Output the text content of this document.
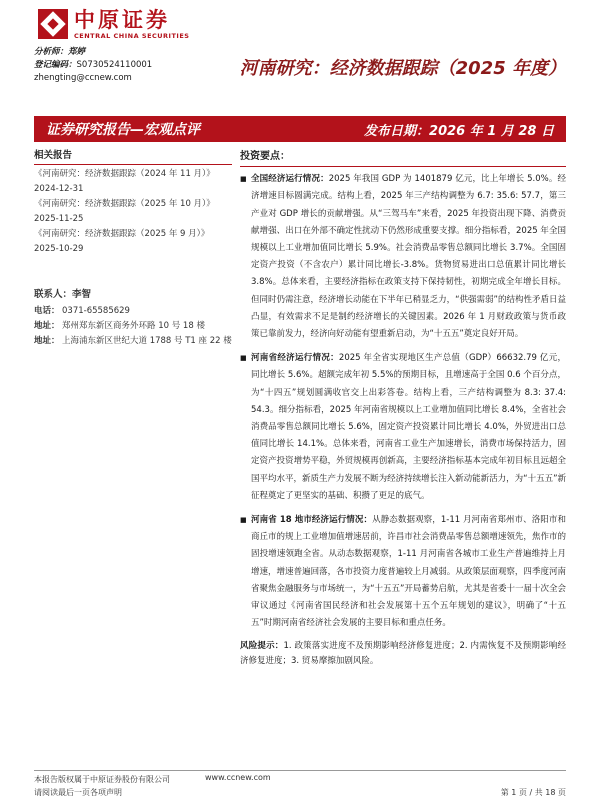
中原证券
CENTRAL CHINA SECURITIES
分析师：郑婷
登记编码：S0730524110001
zhengting@ccnew.com	河南研究：经济数据跟踪（2025 年度）
证券研究报告—宏观点评	发布日期：2026 年 1 月 28 日
相关报告
《河南研究：经济数据跟踪（2024 年 11 月）》2024-12-31
《河南研究：经济数据跟踪（2025 年 10 月）》2025-11-25
《河南研究：经济数据跟踪（2025 年 9 月）》2025-10-29
联系人：李智
电话： 0371-65585629
地址： 郑州郑东新区商务外环路 10 号 18 楼
地址： 上海浦东新区世纪大道 1788 号 T1 座 22 楼
投资要点：
■ 全国经济运行情况：2025 年我国 GDP 为 1401879 亿元，比上年增长 5.0%。经济增速目标圆满完成。结构上看，2025 年三产结构调整为 6.7: 35.6: 57.7，第三产业对 GDP 增长的贡献增强。从“三驾马车”来看，2025 年投资出现下降、消费贡献增强、出口在外部不确定性扰动下仍然形成重要支撑。细分指标看，2025 年全国规模以上工业增加值同比增长 5.9%。社会消费品零售总额同比增长 3.7%。全国固定资产投资（不含农户）累计同比增长-3.8%。货物贸易进出口总值累计同比增长 3.8%。总体来看，主要经济指标在政策支持下保持韧性，初期完成全年增长目标。但同时仍需注意，经济增长动能在下半年已稍显乏力，“供强需弱”的结构性矛盾日益凸显，有效需求不足是制约经济增长的关键因素。2026 年 1 月财政政策与货币政策已靠前发力，经济向好动能有望重新启动，为“十五五”奠定良好开局。
■ 河南省经济运行情况：2025 年全省实现地区生产总值（GDP）66632.79 亿元，同比增长 5.6%。超额完成年初 5.5%的预期目标，且增速高于全国 0.6 个百分点，为“十四五”规划圆满收官交上出彩答卷。结构上看，三产结构调整为 8.3: 37.4: 54.3。细分指标看，2025 年河南省规模以上工业增加值同比增长 8.4%，全省社会消费品零售总额同比增长 5.6%，固定资产投资累计同比增长 4.0%，外贸进出口总值同比增长 14.1%。总体来看，河南省工业生产加速增长，消费市场保持活力，固定资产投资增势平稳，外贸规模再创新高，主要经济指标基本完成年初目标且远超全国平均水平，新质生产力发展不断为经济持续增长注入新动能新活力，为“十五五”新征程奠定了更坚实的基础、积攒了更足的底气。
■ 河南省 18 地市经济运行情况：从静态数据观察，1-11 月河南省郑州市、洛阳市和商丘市的规上工业增加值增速居前，许昌市社会消费品零售总额增速领先，焦作市的固投增速领跑全省。从动态数据观察，1-11 月河南省各城市工业生产普遍维持上月增速，增速普遍回落，各市投资力度普遍较上月减弱。从政策层面观察，四季度河南省聚焦金融服务与市场统一，为“十五五”开局蓄势启航，尤其是省委十一届十次全会审议通过《河南省国民经济和社会发展第十五个五年规划的建议》，明确了“十五五”时期河南省经济社会发展的主要目标和重点任务。
风险提示：1. 政策落实进度不及预期影响经济修复进度；2. 内需恢复不及预期影响经济修复进度；3. 贸易摩擦加剧风险。
本报告版权属于中原证券股份有限公司
请阅读最后一页各项声明
www.ccnew.com
第 1 页 / 共 18 页
